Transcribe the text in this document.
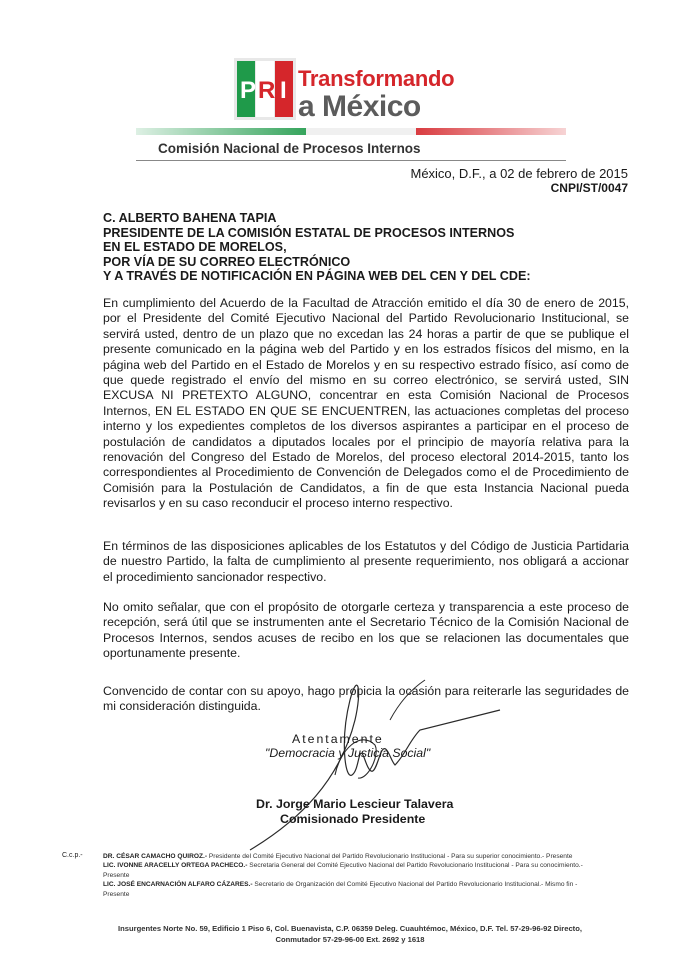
P R I Transformando
a México
Comisión Nacional de Procesos Internos
México, D.F., a 02 de febrero de 2015
CNPI/ST/0047
C. ALBERTO BAHENA TAPIA
PRESIDENTE DE LA COMISIÓN ESTATAL DE PROCESOS INTERNOS
EN EL ESTADO DE MORELOS,
POR VÍA DE SU CORREO ELECTRÓNICO
Y A TRAVÉS DE NOTIFICACIÓN EN PÁGINA WEB DEL CEN Y DEL CDE:
En cumplimiento del Acuerdo de la Facultad de Atracción emitido el día 30 de enero de 2015, por el Presidente del Comité Ejecutivo Nacional del Partido Revolucionario Institucional, se servirá usted, dentro de un plazo que no excedan las 24 horas a partir de que se publique el presente comunicado en la página web del Partido y en los estrados físicos del mismo, en la página web del Partido en el Estado de Morelos y en su respectivo estrado físico, así como de que quede registrado el envío del mismo en su correo electrónico, se servirá usted, SIN EXCUSA NI PRETEXTO ALGUNO, concentrar en esta Comisión Nacional de Procesos Internos, EN EL ESTADO EN QUE SE ENCUENTREN, las actuaciones completas del proceso interno y los expedientes completos de los diversos aspirantes a participar en el proceso de postulación de candidatos a diputados locales por el principio de mayoría relativa para la renovación del Congreso del Estado de Morelos, del proceso electoral 2014-2015, tanto los correspondientes al Procedimiento de Convención de Delegados como el de Procedimiento de Comisión para la Postulación de Candidatos, a fin de que esta Instancia Nacional pueda revisarlos y en su caso reconducir el proceso interno respectivo.
En términos de las disposiciones aplicables de los Estatutos y del Código de Justicia Partidaria de nuestro Partido, la falta de cumplimiento al presente requerimiento, nos obligará a accionar el procedimiento sancionador respectivo.
No omito señalar, que con el propósito de otorgarle certeza y transparencia a este proceso de recepción, será útil que se instrumenten ante el Secretario Técnico de la Comisión Nacional de Procesos Internos, sendos acuses de recibo en los que se relacionen las documentales que oportunamente presente.
Convencido de contar con su apoyo, hago propicia la ocasión para reiterarle las seguridades de mi consideración distinguida.
Atentamente
"Democracia y Justicia Social"
Dr. Jorge Mario Lescieur Talavera
Comisionado Presidente
C.c.p.-	DR. CÉSAR CAMACHO QUIROZ.- Presidente del Comité Ejecutivo Nacional del Partido Revolucionario Institucional - Para su superior conocimiento.- Presente
LIC. IVONNE ARACELLY ORTEGA PACHECO.- Secretaria General del Comité Ejecutivo Nacional del Partido Revolucionario Institucional - Para su conocimiento.- Presente
LIC. JOSÉ ENCARNACIÓN ALFARO CÁZARES.- Secretario de Organización del Comité Ejecutivo Nacional del Partido Revolucionario Institucional.- Mismo fin - Presente
Insurgentes Norte No. 59, Edificio 1 Piso 6, Col. Buenavista, C.P. 06359 Deleg. Cuauhtémoc, México, D.F. Tel. 57-29-96-92 Directo,
Conmutador 57-29-96-00 Ext. 2692 y 1618
